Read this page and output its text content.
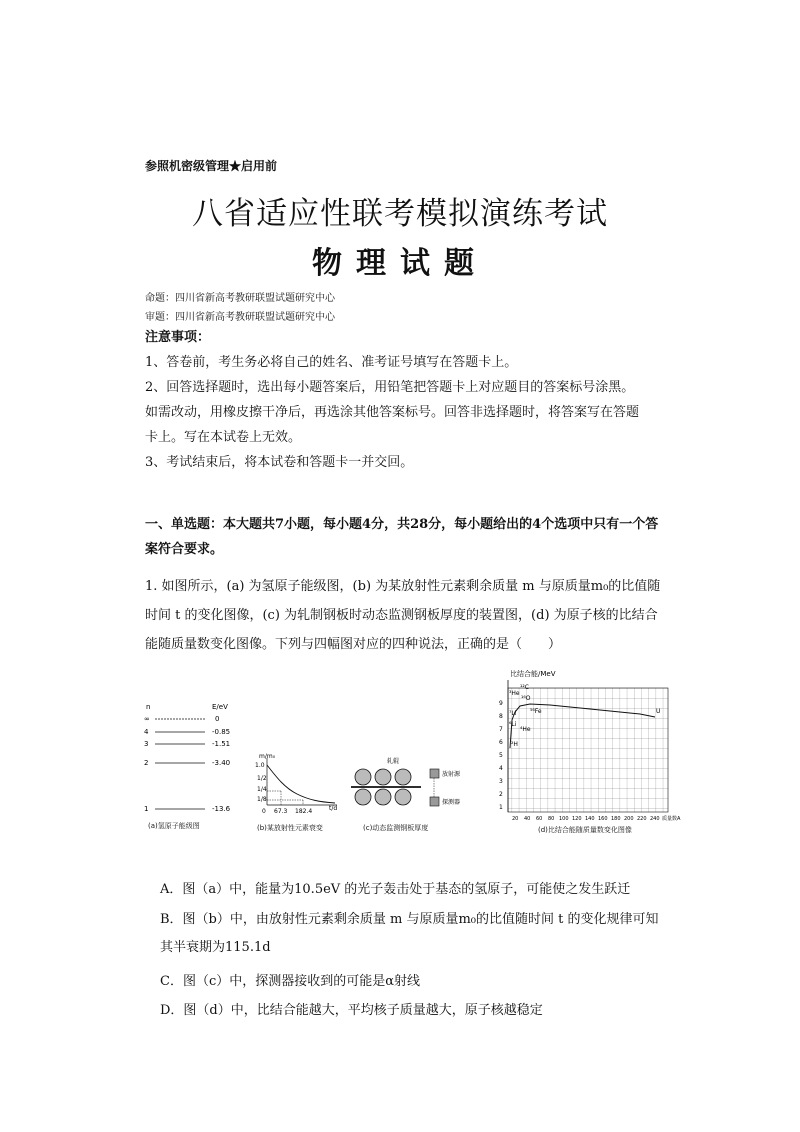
参照机密级管理★启用前
八省适应性联考模拟演练考试
物理试题
命题：四川省新高考教研联盟试题研究中心
审题：四川省新高考教研联盟试题研究中心
注意事项：
1、答卷前，考生务必将自己的姓名、准考证号填写在答题卡上。
2、回答选择题时，选出每小题答案后，用铅笔把答题卡上对应题目的答案标号涂黑。
如需改动，用橡皮擦干净后，再选涂其他答案标号。回答非选择题时，将答案写在答题
卡上。写在本试卷上无效。
3、考试结束后，将本试卷和答题卡一并交回。
一、单选题：本大题共7小题，每小题4分，共28分，每小题给出的4个选项中只有一个答案符合要求。
1. 如图所示，(a) 为氢原子能级图，(b) 为某放射性元素剩余质量 m 与原质量m₀的比值随时间 t 的变化图像，(c) 为轧制钢板时动态监测钢板厚度的装置图，(d) 为原子核的比结合能随质量数变化图像。下列与四幅图对应的四种说法，正确的是（　　）
n	E/eV
∞	0
4	-0.85
3	-1.51
2	-3.40
1	-13.6
(a)氢原子能级图
m/m₀
1.0
1/2
1/4
1/8
0 67.3 182.4	t/d
(b)某放射性元素衰变
轧辊
放射源
探测器
(c)动态监测钢板厚度
比结合能/MeV
9
8
7
6
5
4
3
2
1
³He
¹²C
¹⁶O
⁵⁶Fe
⁷Li
⁶Li
⁴He
²H
U
20 40 60 80 100 120 140 160 180 200 220 240 质量数A
(d)比结合能随质量数变化图像
A．图（a）中，能量为10.5eV 的光子轰击处于基态的氢原子，可能使之发生跃迁
B．图（b）中，由放射性元素剩余质量 m 与原质量m₀的比值随时间 t 的变化规律可知其半衰期为115.1d
C．图（c）中，探测器接收到的可能是α射线
D．图（d）中，比结合能越大，平均核子质量越大，原子核越稳定
